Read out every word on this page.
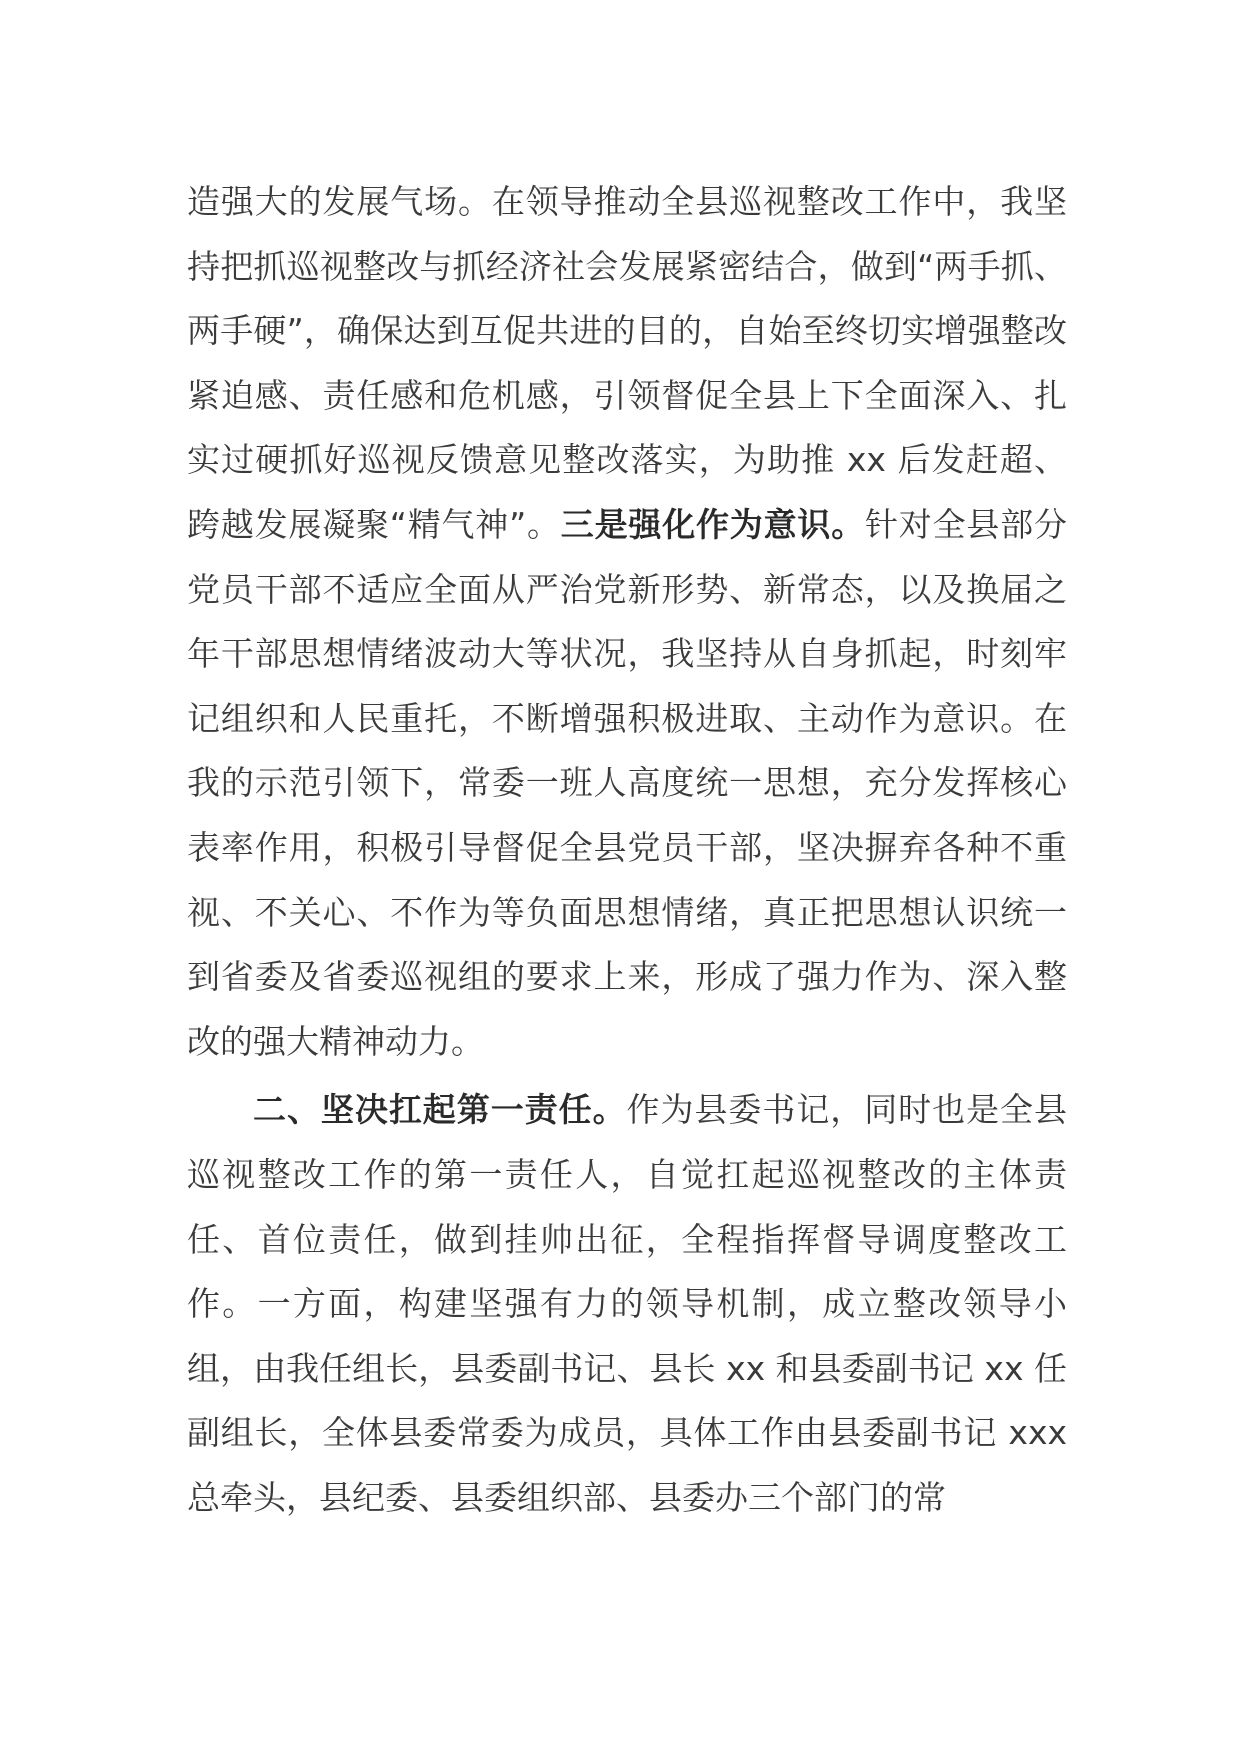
造强大的发展气场。在领导推动全县巡视整改工作中，我坚持把抓巡视整改与抓经济社会发展紧密结合，做到“两手抓、两手硬”，确保达到互促共进的目的，自始至终切实增强整改紧迫感、责任感和危机感，引领督促全县上下全面深入、扎实过硬抓好巡视反馈意见整改落实，为助推 xx 后发赶超、跨越发展凝聚“精气神”。三是强化作为意识。针对全县部分党员干部不适应全面从严治党新形势、新常态，以及换届之年干部思想情绪波动大等状况，我坚持从自身抓起，时刻牢记组织和人民重托，不断增强积极进取、主动作为意识。在我的示范引领下，常委一班人高度统一思想，充分发挥核心表率作用，积极引导督促全县党员干部，坚决摒弃各种不重视、不关心、不作为等负面思想情绪，真正把思想认识统一到省委及省委巡视组的要求上来，形成了强力作为、深入整改的强大精神动力。

二、坚决扛起第一责任。作为县委书记，同时也是全县巡视整改工作的第一责任人，自觉扛起巡视整改的主体责任、首位责任，做到挂帅出征，全程指挥督导调度整改工作。一方面，构建坚强有力的领导机制，成立整改领导小组，由我任组长，县委副书记、县长 xx 和县委副书记 xx 任副组长，全体县委常委为成员，具体工作由县委副书记 xxx 总牵头，县纪委、县委组织部、县委办三个部门的常
